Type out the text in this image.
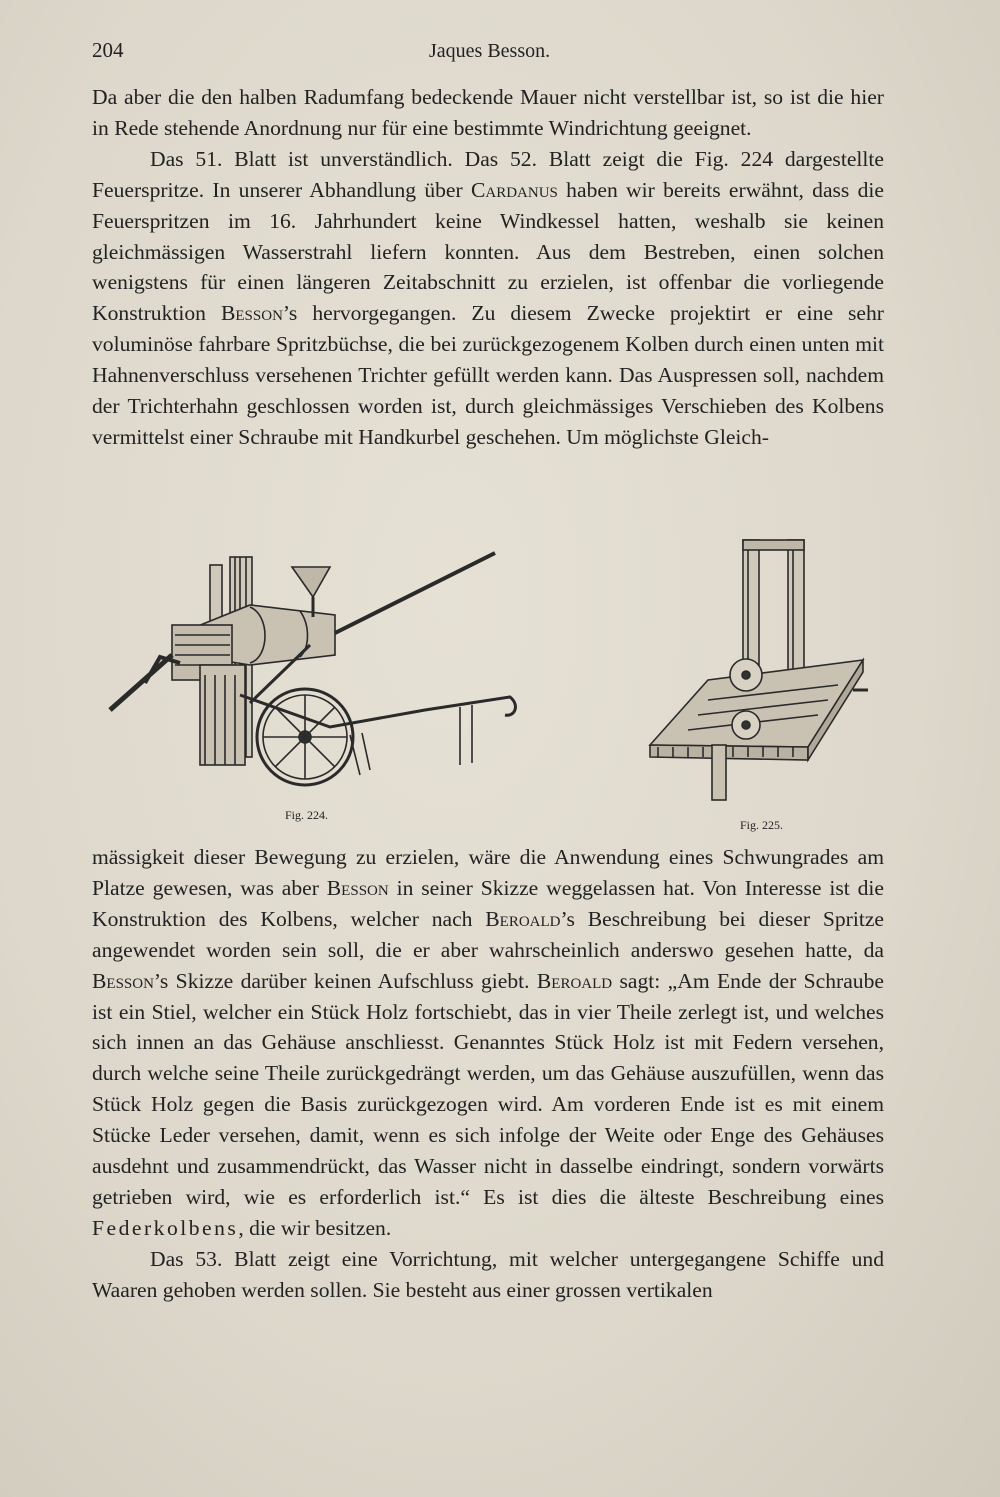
204	Jaques Besson.

Da aber die den halben Radumfang bedeckende Mauer nicht verstellbar ist, so ist die hier in Rede stehende Anordnung nur für eine bestimmte Windrichtung geeignet.

Das 51. Blatt ist unverständlich. Das 52. Blatt zeigt die Fig. 224 dargestellte Feuerspritze. In unserer Abhandlung über Cardanus haben wir bereits erwähnt, dass die Feuerspritzen im 16. Jahrhundert keine Windkessel hatten, weshalb sie keinen gleichmässigen Wasserstrahl liefern konnten. Aus dem Bestreben, einen solchen wenigstens für einen längeren Zeitabschnitt zu erzielen, ist offenbar die vorliegende Konstruktion Besson’s hervorgegangen. Zu diesem Zwecke projektirt er eine sehr voluminöse fahrbare Spritzbüchse, die bei zurückgezogenem Kolben durch einen unten mit Hahnenverschluss versehenen Trichter gefüllt werden kann. Das Auspressen soll, nachdem der Trichterhahn geschlossen worden ist, durch gleichmässiges Verschieben des Kolbens vermittelst einer Schraube mit Handkurbel geschehen. Um möglichste Gleich-

Fig. 224.
Fig. 225.

mässigkeit dieser Bewegung zu erzielen, wäre die Anwendung eines Schwungrades am Platze gewesen, was aber Besson in seiner Skizze weggelassen hat. Von Interesse ist die Konstruktion des Kolbens, welcher nach Beroald’s Beschreibung bei dieser Spritze angewendet worden sein soll, die er aber wahrscheinlich anderswo gesehen hatte, da Besson’s Skizze darüber keinen Aufschluss giebt. Beroald sagt: „Am Ende der Schraube ist ein Stiel, welcher ein Stück Holz fortschiebt, das in vier Theile zerlegt ist, und welches sich innen an das Gehäuse anschliesst. Genanntes Stück Holz ist mit Federn versehen, durch welche seine Theile zurückgedrängt werden, um das Gehäuse auszufüllen, wenn das Stück Holz gegen die Basis zurückgezogen wird. Am vorderen Ende ist es mit einem Stücke Leder versehen, damit, wenn es sich infolge der Weite oder Enge des Gehäuses ausdehnt und zusammendrückt, das Wasser nicht in dasselbe eindringt, sondern vorwärts getrieben wird, wie es erforderlich ist.“ Es ist dies die älteste Beschreibung eines Federkolbens, die wir besitzen.

Das 53. Blatt zeigt eine Vorrichtung, mit welcher untergegangene Schiffe und Waaren gehoben werden sollen. Sie besteht aus einer grossen vertikalen
